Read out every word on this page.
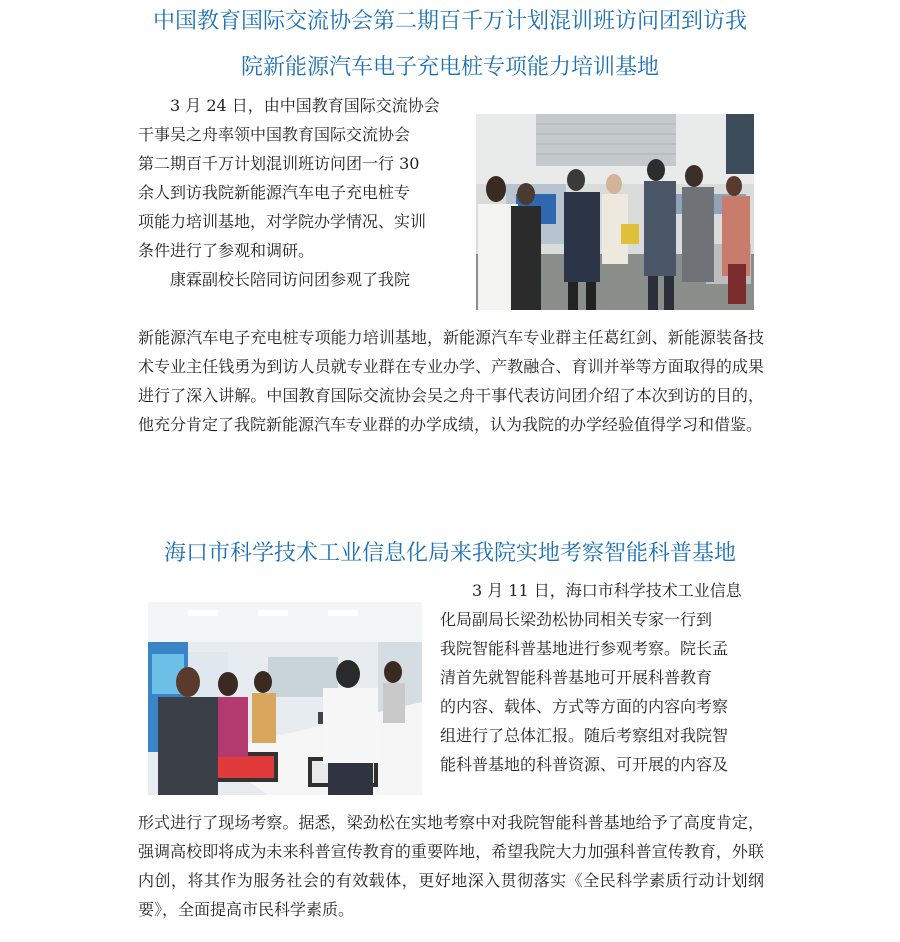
中国教育国际交流协会第二期百千万计划混训班访问团到访我
院新能源汽车电子充电桩专项能力培训基地
3 月 24 日，由中国教育国际交流协会
干事吴之舟率领中国教育国际交流协会
第二期百千万计划混训班访问团一行 30
余人到访我院新能源汽车电子充电桩专
项能力培训基地，对学院办学情况、实训
条件进行了参观和调研。
康霖副校长陪同访问团参观了我院
新能源汽车电子充电桩专项能力培训基地，新能源汽车专业群主任葛红剑、新能源装备技术专业主任钱勇为到访人员就专业群在专业办学、产教融合、育训并举等方面取得的成果进行了深入讲解。中国教育国际交流协会吴之舟干事代表访问团介绍了本次到访的目的，他充分肯定了我院新能源汽车专业群的办学成绩，认为我院的办学经验值得学习和借鉴。
海口市科学技术工业信息化局来我院实地考察智能科普基地
3 月 11 日，海口市科学技术工业信息
化局副局长梁劲松协同相关专家一行到
我院智能科普基地进行参观考察。院长孟
清首先就智能科普基地可开展科普教育
的内容、载体、方式等方面的内容向考察
组进行了总体汇报。随后考察组对我院智
能科普基地的科普资源、可开展的内容及
形式进行了现场考察。据悉，梁劲松在实地考察中对我院智能科普基地给予了高度肯定，强调高校即将成为未来科普宣传教育的重要阵地，希望我院大力加强科普宣传教育，外联内创，将其作为服务社会的有效载体，更好地深入贯彻落实《全民科学素质行动计划纲要》，全面提高市民科学素质。
